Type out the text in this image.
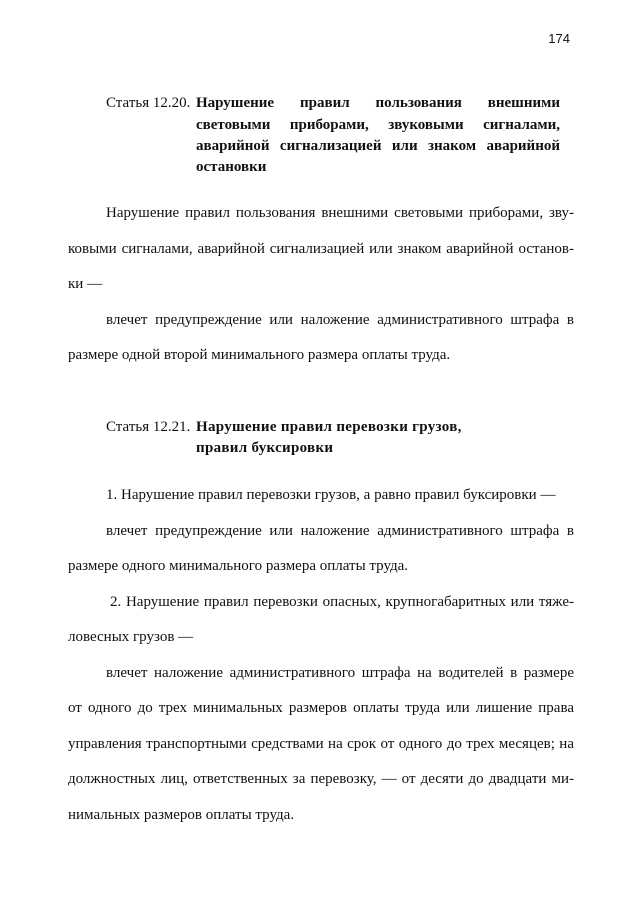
174
Статья 12.20. Нарушение правил пользования внешними
световыми приборами, звуковыми сигналами,
аварийной сигнализацией или знаком аварийной
остановки
Нарушение правил пользования внешними световыми приборами, зву-
ковыми сигналами, аварийной сигнализацией или знаком аварийной останов-
ки —
влечет предупреждение или наложение административного штрафа в
размере одной второй минимального размера оплаты труда.
Статья 12.21. Нарушение правил перевозки грузов,
правил буксировки
1. Нарушение правил перевозки грузов, а равно правил буксировки —
влечет предупреждение или наложение административного штрафа в
размере одного минимального размера оплаты труда.
2. Нарушение правил перевозки опасных, крупногабаритных или тяже-
ловесных грузов —
влечет наложение административного штрафа на водителей в размере
от одного до трех минимальных размеров оплаты труда или лишение права
управления транспортными средствами на срок от одного до трех месяцев; на
должностных лиц, ответственных за перевозку, — от десяти до двадцати ми-
нимальных размеров оплаты труда.
